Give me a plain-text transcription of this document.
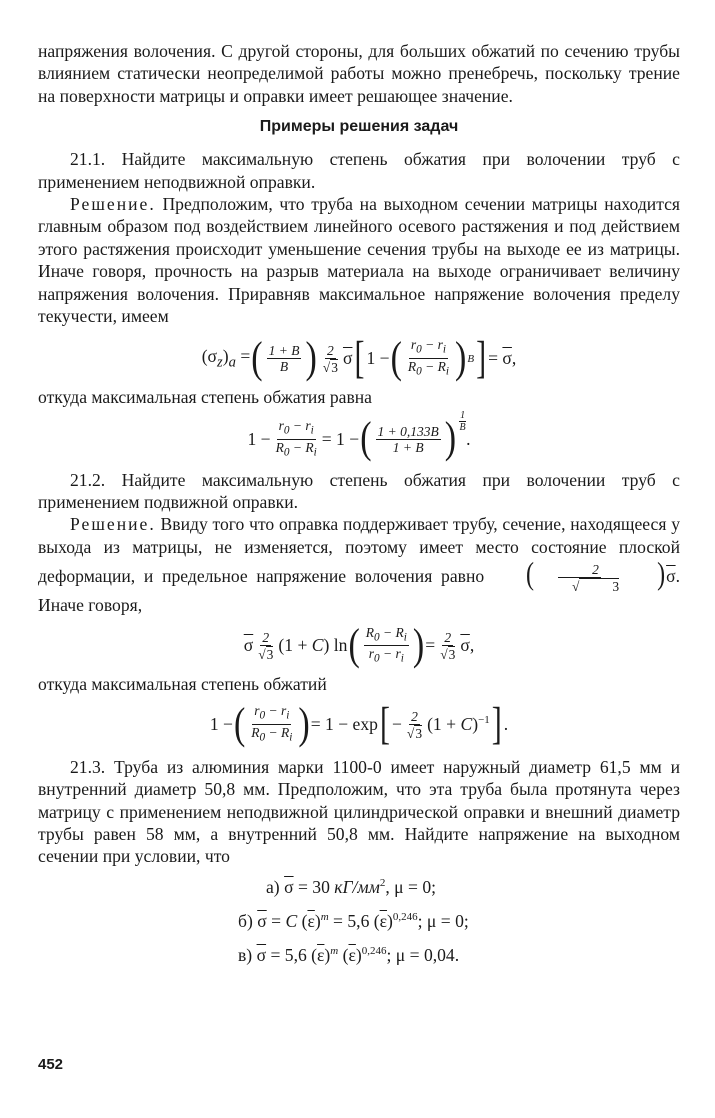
напряжения волочения. С другой стороны, для больших обжатий по сечению трубы влиянием статически неопределимой работы можно пренебречь, поскольку трение на поверхности матрицы и оправки имеет решающее значение.

Примеры решения задач

21.1. Найдите максимальную степень обжатия при волочении труб с применением неподвижной оправки.

Решение. Предположим, что труба на выходном сечении матрицы находится главным образом под воздействием линейного осевого растяжения и под действием этого растяжения происходит уменьшение сечения трубы на выходе ее из матрицы. Иначе говоря, прочность на разрыв материала на выходе ограничивает величину напряжения волочения. Приравняв максимальное напряжение волочения пределу текучести, имеем

$(\sigma_z)_a$ = ( $\frac{1 + B}{B}$ ) $\frac{2}{√3} \overline{\sigma}$ [ 1 − ( $\frac{r_0 - r_i}{R_0 - R_i}$ ) B ] = $\overline{\sigma}$,

откуда максимальная степень обжатия равна

$1 - \frac{r_0 - r_i}{R_0 - R_i} = 1$ − ( $\frac{1 + 0,133B}{1 + B}$ ) 1
B
.

21.2. Найдите максимальную степень обжатия при волочении труб с применением подвижной оправки.

Решение. Ввиду того что оправка поддерживает трубу, сечение, находящееся у выхода из матрицы, не изменяется, поэтому имеет место состояние плоской деформации, и предельное напряжение волочения равно ( $\frac{2}{√ 3} )\overline{\sigma}$. Иначе говоря,

$\overline{\sigma} \frac{2}{√3} (1 + C)$ ln ( $\frac{R_0 - R_i}{r_0 - r_i}$ ) = $\frac{2}{√3} \overline{\sigma}$ ,

откуда максимальная степень обжатий

1 − ( $\frac{r_0 - r_i}{R_0 - R_i}$ ) = 1 − exp [ − $\frac{2}{√3} (1 + C)^{-1}$ ] .

21.3. Труба из алюминия марки 1100-0 имеет наружный диаметр 61,5 мм и внутренний диаметр 50,8 мм. Предположим, что эта труба была протянута через матрицу с применением неподвижной цилиндрической оправки и внешний диаметр трубы равен 58 мм, а внутренний 50,8 мм. Найдите напряжение на выходном сечении при условии, что

а) $\overline{\sigma} = 30$ $кГ/мм^2$, μ = 0;
б) $\overline{\sigma} = C$ $(\overline{\varepsilon})^m = 5,6$ $(\overline{\varepsilon})^{0,246}$; μ = 0;
в) $\overline{\sigma} = 5,6$ $(\overline{\varepsilon})^m$ $(\overline{\varepsilon})^{0,246}$; μ = 0,04.
452
